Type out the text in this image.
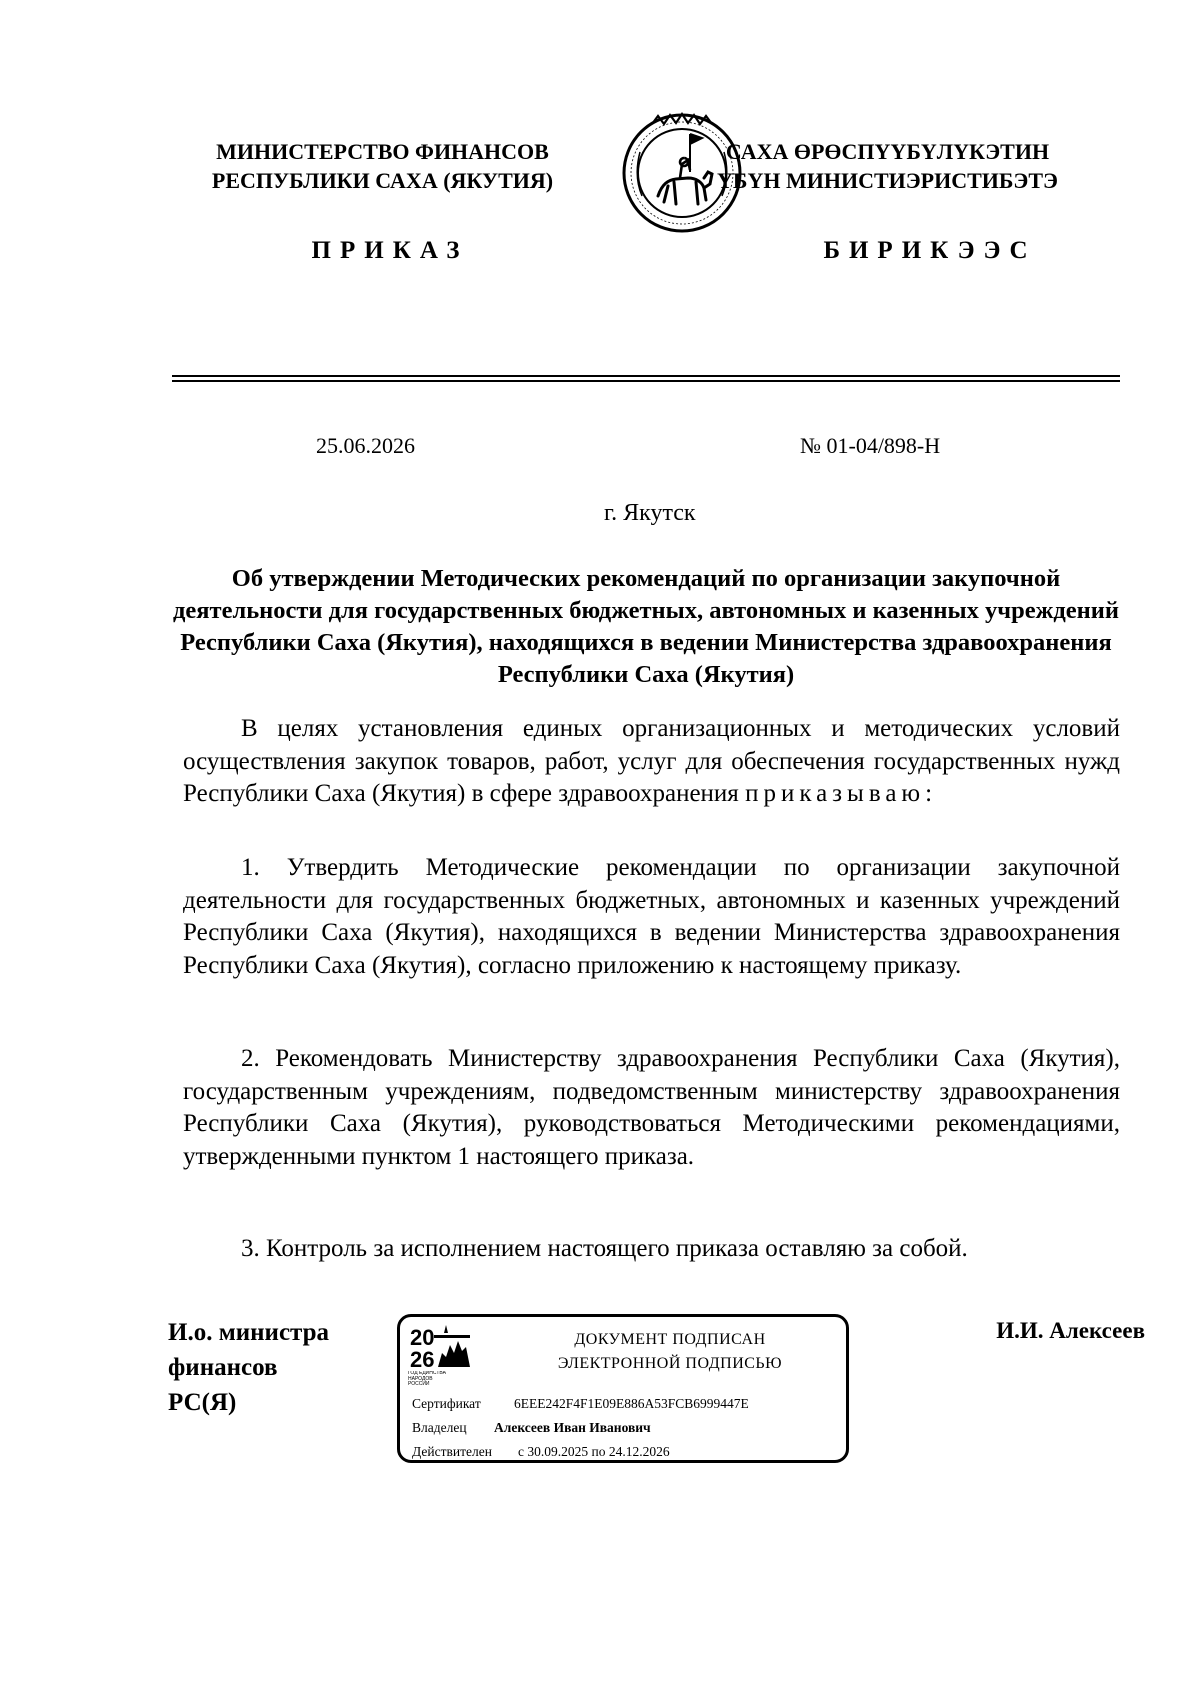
МИНИСТЕРСТВО ФИНАНСОВ
РЕСПУБЛИКИ САХА (ЯКУТИЯ)
САХА ӨРӨСПҮҮБҮЛҮКЭТИН
ҮБҮН МИНИСТИЭРИСТИБЭТЭ
ПРИКАЗ	БИРИКЭЭС
25.06.2026	№ 01-04/898-Н
г. Якутск
Об утверждении Методических рекомендаций по организации закупочной деятельности для государственных бюджетных, автономных и казенных учреждений Республики Саха (Якутия), находящихся в ведении Министерства здравоохранения Республики Саха (Якутия)

В целях установления единых организационных и методических условий осуществления закупок товаров, работ, услуг для обеспечения государственных нужд Республики Саха (Якутия) в сфере здравоохранения приказываю:

1. Утвердить Методические рекомендации по организации закупочной деятельности для государственных бюджетных, автономных и казенных учреждений Республики Саха (Якутия), находящихся в ведении Министерства здравоохранения Республики Саха (Якутия), согласно приложению к настоящему приказу.

2. Рекомендовать Министерству здравоохранения Республики Саха (Якутия), государственным учреждениям, подведомственным министерству здравоохранения Республики Саха (Якутия), руководствоваться Методическими рекомендациями, утвержденными пунктом 1 настоящего приказа.

3. Контроль за исполнением настоящего приказа оставляю за собой.

И.о. министра
финансов
РС(Я)
20
26
ГОД ЕДИНСТВА НАРОДОВ РОССИИ
ДОКУМЕНТ ПОДПИСАН
ЭЛЕКТРОННОЙ ПОДПИСЬЮ
Сертификат 6EEE242F4F1E09E886A53FCB6999447E
Владелец Алексеев Иван Иванович
Действителен с 30.09.2025 по 24.12.2026
И.И. Алексеев
